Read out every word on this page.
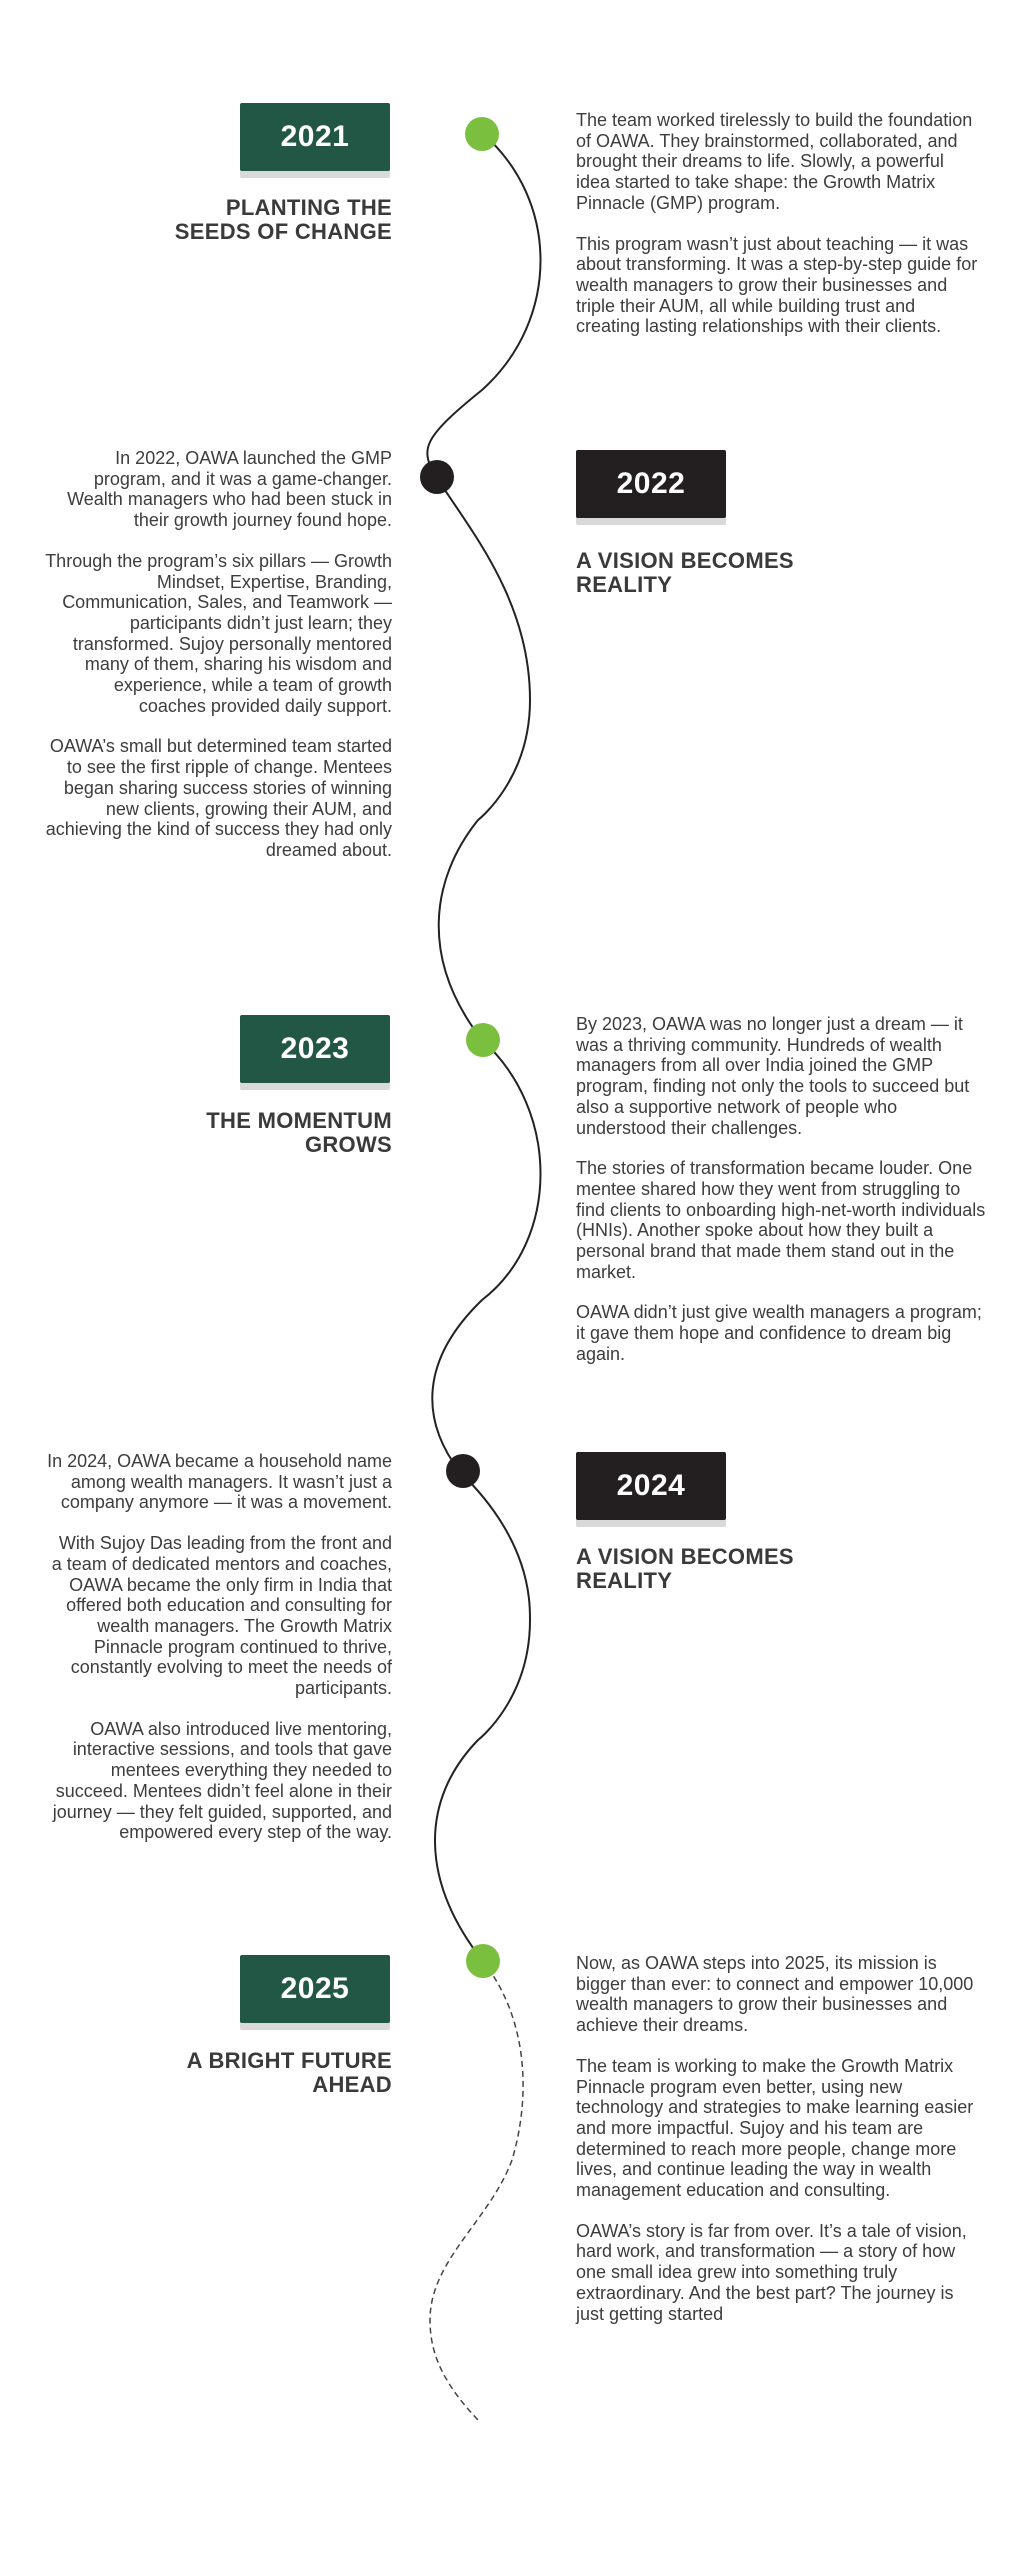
2021
PLANTING THE
SEEDS OF CHANGE

The team worked tirelessly to build the foundation of OAWA. They brainstormed, collaborated, and brought their dreams to life. Slowly, a powerful idea started to take shape: the Growth Matrix Pinnacle (GMP) program.

This program wasn’t just about teaching — it was about transforming. It was a step-by-step guide for wealth managers to grow their businesses and triple their AUM, all while building trust and creating lasting relationships with their clients.

In 2022, OAWA launched the GMP program, and it was a game-changer. Wealth managers who had been stuck in their growth journey found hope.

Through the program’s six pillars — Growth Mindset, Expertise, Branding, Communication, Sales, and Teamwork — participants didn’t just learn; they transformed. Sujoy personally mentored many of them, sharing his wisdom and experience, while a team of growth coaches provided daily support.

OAWA’s small but determined team started to see the first ripple of change. Mentees began sharing success stories of winning new clients, growing their AUM, and achieving the kind of success they had only dreamed about.

2022
A VISION BECOMES
REALITY
2023
THE MOMENTUM
GROWS

By 2023, OAWA was no longer just a dream — it was a thriving community. Hundreds of wealth managers from all over India joined the GMP program, finding not only the tools to succeed but also a supportive network of people who understood their challenges.

The stories of transformation became louder. One mentee shared how they went from struggling to find clients to onboarding high-net-worth individuals (HNIs). Another spoke about how they built a personal brand that made them stand out in the market.

OAWA didn’t just give wealth managers a program; it gave them hope and confidence to dream big again.

In 2024, OAWA became a household name among wealth managers. It wasn’t just a company anymore — it was a movement.

With Sujoy Das leading from the front and a team of dedicated mentors and coaches, OAWA became the only firm in India that offered both education and consulting for wealth managers. The Growth Matrix Pinnacle program continued to thrive, constantly evolving to meet the needs of participants.

OAWA also introduced live mentoring, interactive sessions, and tools that gave mentees everything they needed to succeed. Mentees didn’t feel alone in their journey — they felt guided, supported, and empowered every step of the way.

2024
A VISION BECOMES
REALITY
2025
A BRIGHT FUTURE
AHEAD

Now, as OAWA steps into 2025, its mission is bigger than ever: to connect and empower 10,000 wealth managers to grow their businesses and achieve their dreams.

The team is working to make the Growth Matrix Pinnacle program even better, using new technology and strategies to make learning easier and more impactful. Sujoy and his team are determined to reach more people, change more lives, and continue leading the way in wealth management education and consulting.

OAWA’s story is far from over. It’s a tale of vision, hard work, and transformation — a story of how one small idea grew into something truly extraordinary. And the best part? The journey is just getting started
